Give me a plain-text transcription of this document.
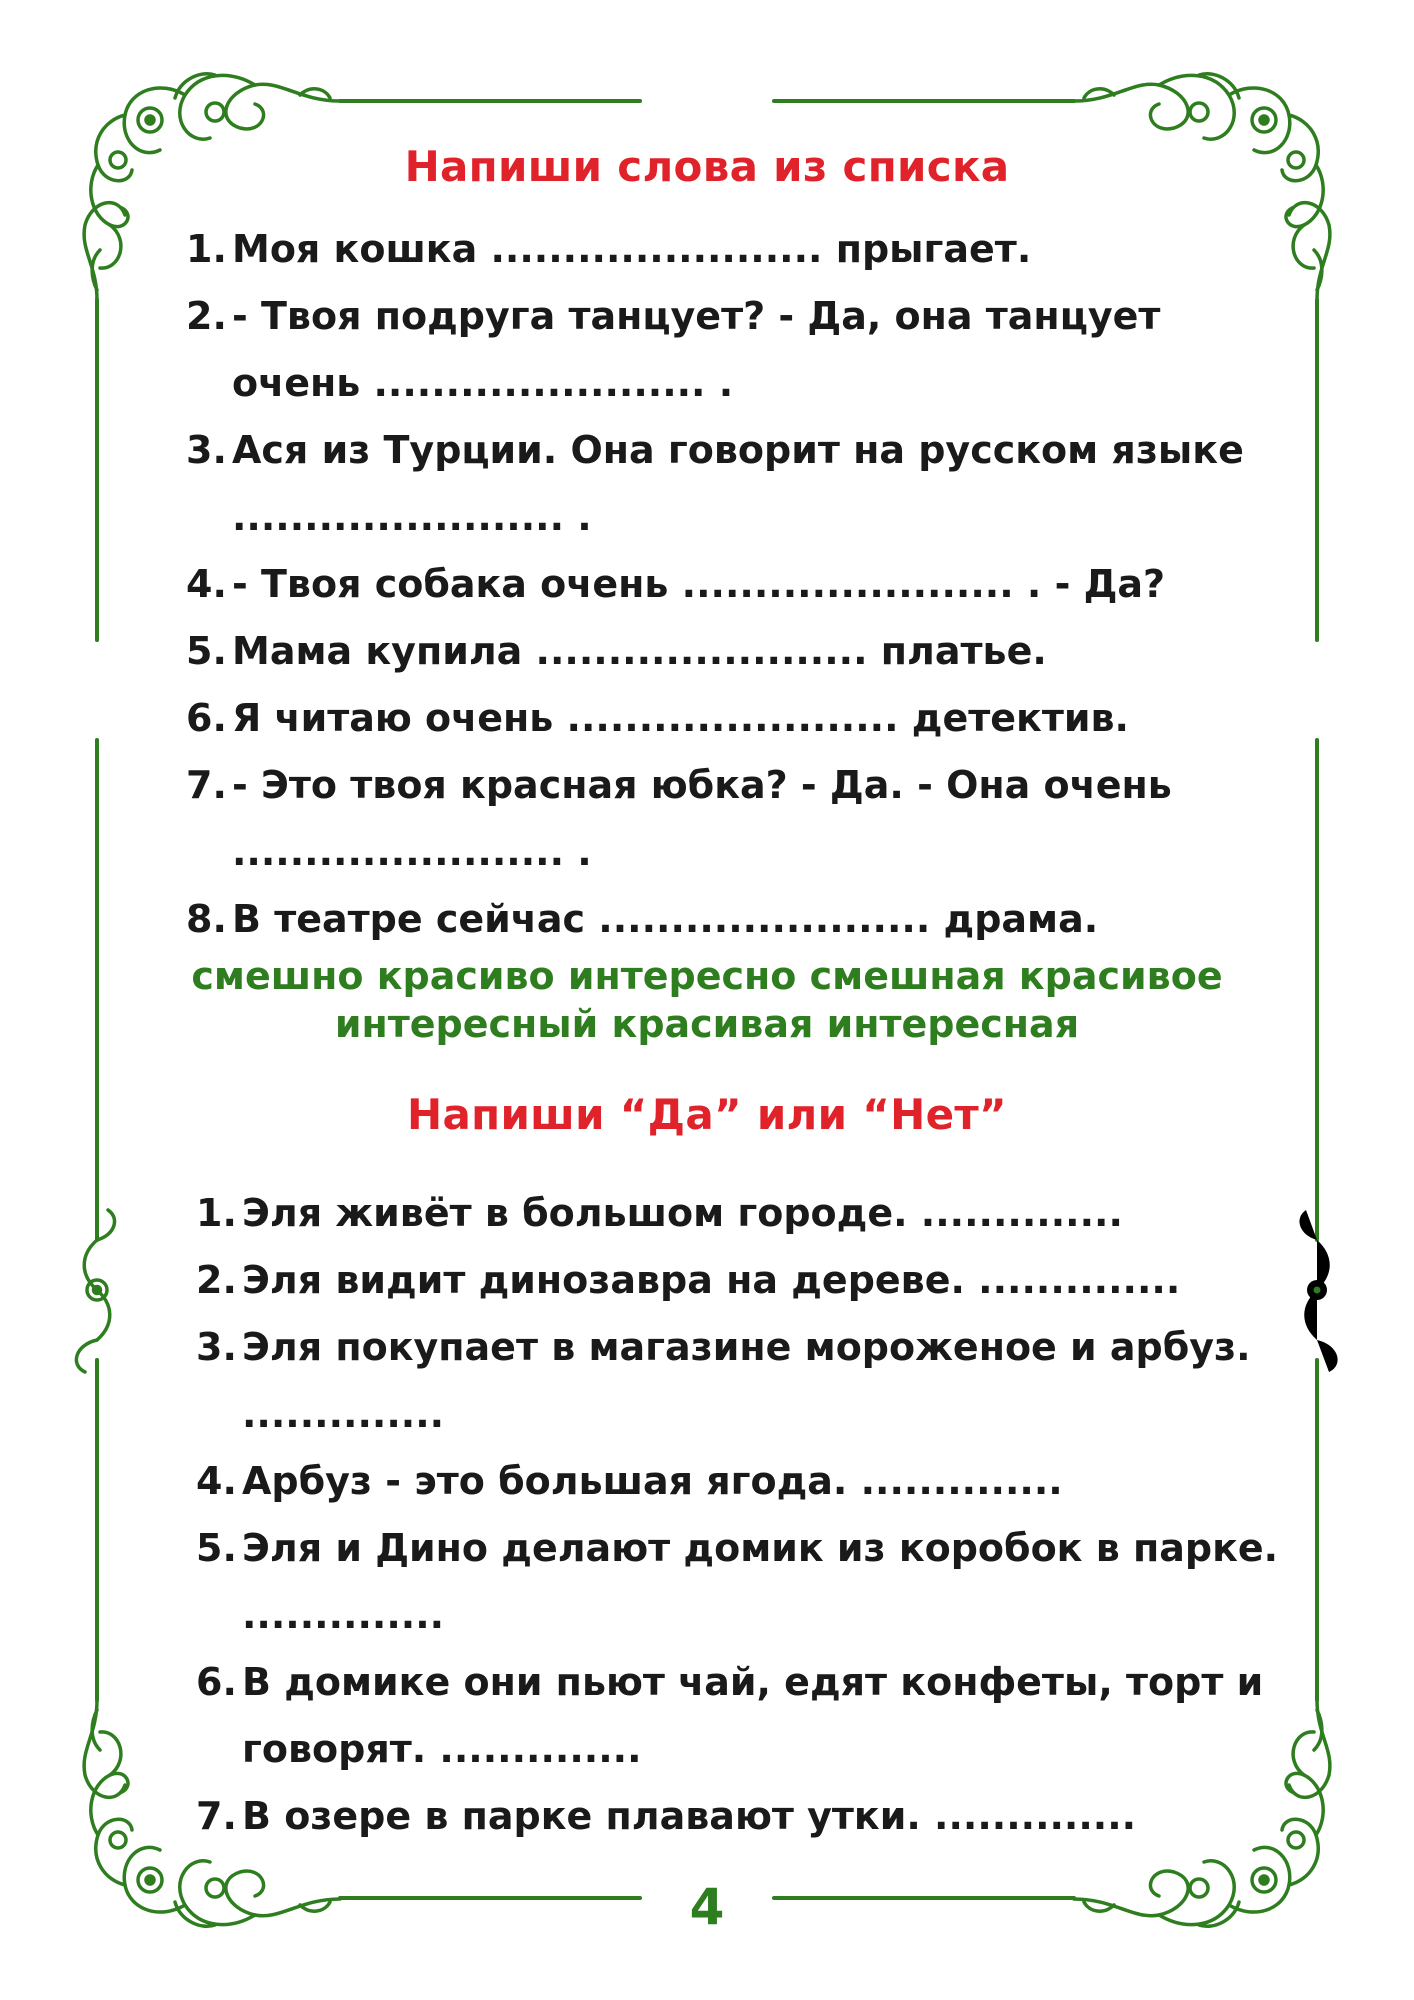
Напиши слова из списка
1. Моя кошка ....................... прыгает.
2. - Твоя подруга танцует? - Да, она танцует
очень ....................... .
3. Ася из Турции. Она говорит на русском языке
....................... .
4. - Твоя собака очень ....................... . - Да?
5. Мама купила ....................... платье.
6. Я читаю очень ....................... детектив.
7. - Это твоя красная юбка? - Да. - Она очень
....................... .
8. В театре сейчас ....................... драма.
смешно красиво интересно смешная красивое
интересный красивая интересная
Напиши “Да” или “Нет”
1. Эля живёт в большом городе. ..............
2. Эля видит динозавра на дереве. ..............
3. Эля покупает в магазине мороженое и арбуз.
..............
4. Арбуз - это большая ягода. ..............
5. Эля и Дино делают домик из коробок в парке.
..............
6. В домике они пьют чай, едят конфеты, торт и
говорят. ..............
7. В озере в парке плавают утки. ..............
4
